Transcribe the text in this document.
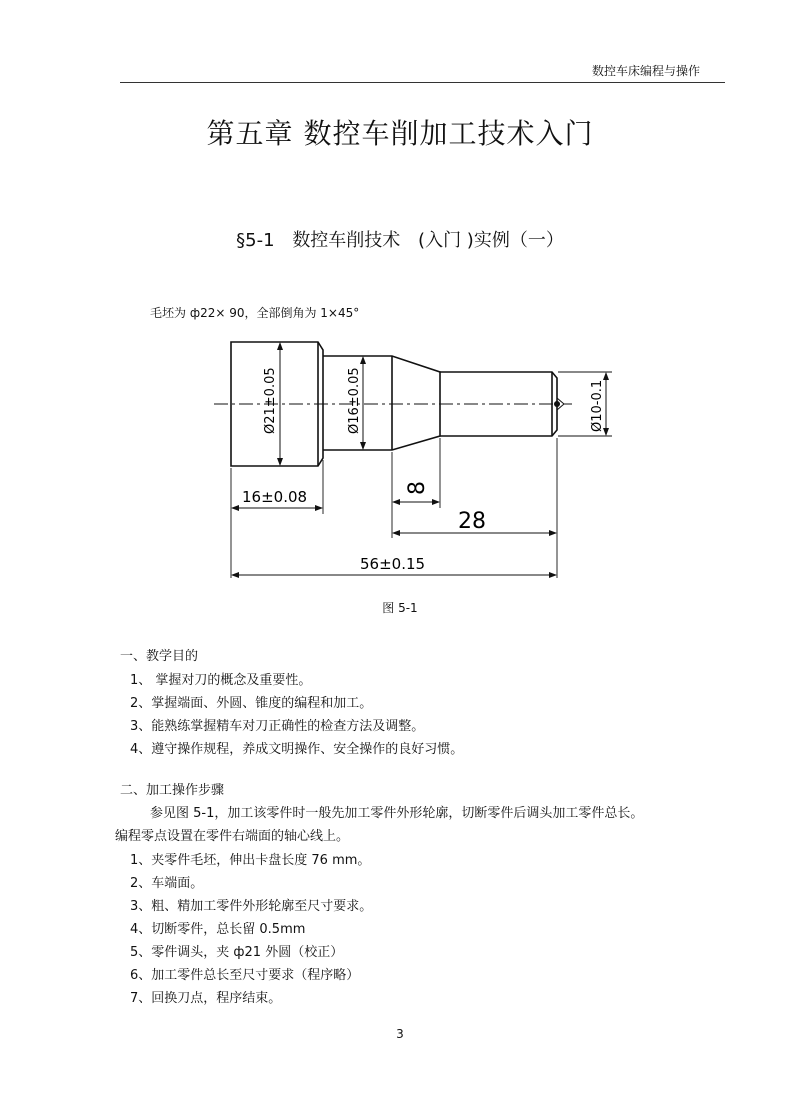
数控车床编程与操作
第五章 数控车削加工技术入门
§5-1 数控车削技术 (入门 )实例（一）
毛坯为 ф22× 90，全部倒角为 1×45°
Ø21±0.05	Ø16±0.05	Ø10-0.1
16±0.08	8
28
56±0.15
图 5-1
一、教学目的
1、 掌握对刀的概念及重要性。
2、掌握端面、外圆、锥度的编程和加工。
3、能熟练掌握精车对刀正确性的检查方法及调整。
4、遵守操作规程，养成文明操作、安全操作的良好习惯。
二、加工操作步骤
参见图 5-1，加工该零件时一般先加工零件外形轮廓，切断零件后调头加工零件总长。
编程零点设置在零件右端面的轴心线上。
1、夹零件毛坯，伸出卡盘长度 76 mm。
2、车端面。
3、粗、精加工零件外形轮廓至尺寸要求。
4、切断零件，总长留 0.5mm
5、零件调头，夹 ф21 外圆（校正）
6、加工零件总长至尺寸要求（程序略）
7、回换刀点，程序结束。
3
